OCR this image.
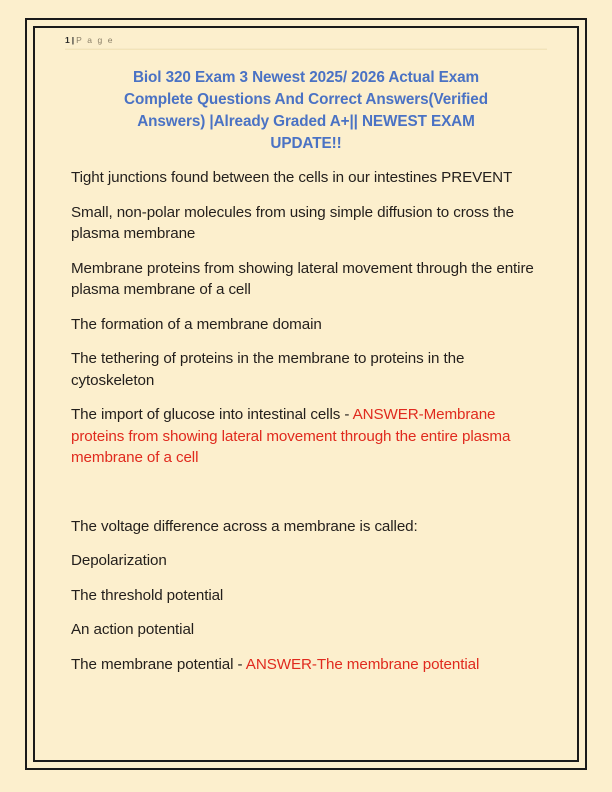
1 | P a g e
Biol 320 Exam 3 Newest 2025/ 2026 Actual Exam
Complete Questions And Correct Answers(Verified
Answers) |Already Graded A+|| NEWEST EXAM
UPDATE!!

Tight junctions found between the cells in our intestines PREVENT

Small, non-polar molecules from using simple diffusion to cross the plasma membrane

Membrane proteins from showing lateral movement through the entire plasma membrane of a cell

The formation of a membrane domain

The tethering of proteins in the membrane to proteins in the cytoskeleton

The import of glucose into intestinal cells - ANSWER-Membrane proteins from showing lateral movement through the entire plasma membrane of a cell

The voltage difference across a membrane is called:

Depolarization

The threshold potential

An action potential

The membrane potential - ANSWER-The membrane potential
